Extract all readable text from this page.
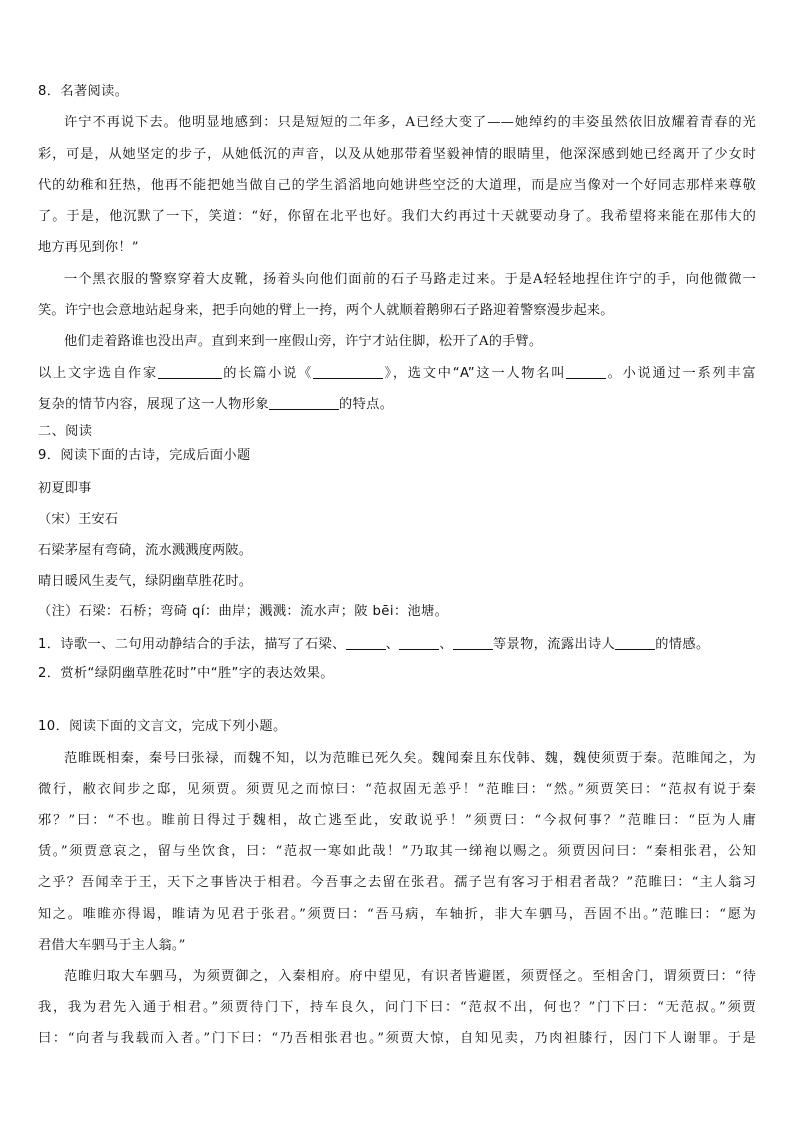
8．名著阅读。
许宁不再说下去。他明显地感到：只是短短的二年多，A已经大变了——她绰约的丰姿虽然依旧放耀着青春的光
彩，可是，从她坚定的步子，从她低沉的声音，以及从她那带着坚毅神情的眼睛里，他深深感到她已经离开了少女时
代的幼稚和狂热，他再不能把她当做自己的学生滔滔地向她讲些空泛的大道理，而是应当像对一个好同志那样来尊敬
了。于是，他沉默了一下，笑道：“好，你留在北平也好。我们大约再过十天就要动身了。我希望将来能在那伟大的
地方再见到你！”
一个黑衣服的警察穿着大皮靴，扬着头向他们面前的石子马路走过来。于是A轻轻地捏住许宁的手，向他微微一
笑。许宁也会意地站起身来，把手向她的臂上一挎，两个人就顺着鹅卵石子路迎着警察漫步起来。
他们走着路谁也没出声。直到来到一座假山旁，许宁才站住脚，松开了A的手臂。
以上文字选自作家	的长篇小说《	》，选文中“A”这一人物名叫	。小说通过一系列丰富
复杂的情节内容，展现了这一人物形象	的特点。
二、阅读
9．阅读下面的古诗，完成后面小题
初夏即事
（宋）王安石
石梁茅屋有弯碕，流水溅溅度两陂。
晴日暖风生麦气，绿阴幽草胜花时。
（注）石梁：石桥；弯碕 qí：曲岸；溅溅：流水声；陂 bēi：池塘。
1．诗歌一、二句用动静结合的手法，描写了石梁、	、	、	等景物，流露出诗人	的情感。
2．赏析“绿阴幽草胜花时”中“胜”字的表达效果。
10．阅读下面的文言文，完成下列小题。
范睢既相秦，秦号曰张禄，而魏不知，以为范睢已死久矣。魏闻秦且东伐韩、魏，魏使须贾于秦。范睢闻之，为
微行，敝衣间步之邸，见须贾。须贾见之而惊曰：“范叔固无恙乎！”范睢曰：“然。”须贾笑曰：“范叔有说于秦
邪？”曰：“不也。睢前日得过于魏相，故亡逃至此，安敢说乎！”须贾曰：“今叔何事？”范睢曰：“臣为人庸
赁。”须贾意哀之，留与坐饮食，曰：“范叔一寒如此哉！”乃取其一绨袍以赐之。须贾因问曰：“秦相张君，公知
之乎？吾闻幸于王，天下之事皆决于相君。今吾事之去留在张君。孺子岂有客习于相君者哉？”范睢曰：“主人翁习
知之。唯睢亦得谒，睢请为见君于张君。”须贾曰：“吾马病，车轴折，非大车驷马，吾固不出。”范睢曰：“愿为
君借大车驷马于主人翁。”
范睢归取大车驷马，为须贾御之，入秦相府。府中望见，有识者皆避匿，须贾怪之。至相舍门，谓须贾曰：“待
我，我为君先入通于相君。”须贾待门下，持车良久，问门下曰：“范叔不出，何也？”门下曰：“无范叔。”须贾
曰：“向者与我载而入者。”门下曰：“乃吾相张君也。”须贾大惊，自知见卖，乃肉袒膝行，因门下人谢罪。于是
